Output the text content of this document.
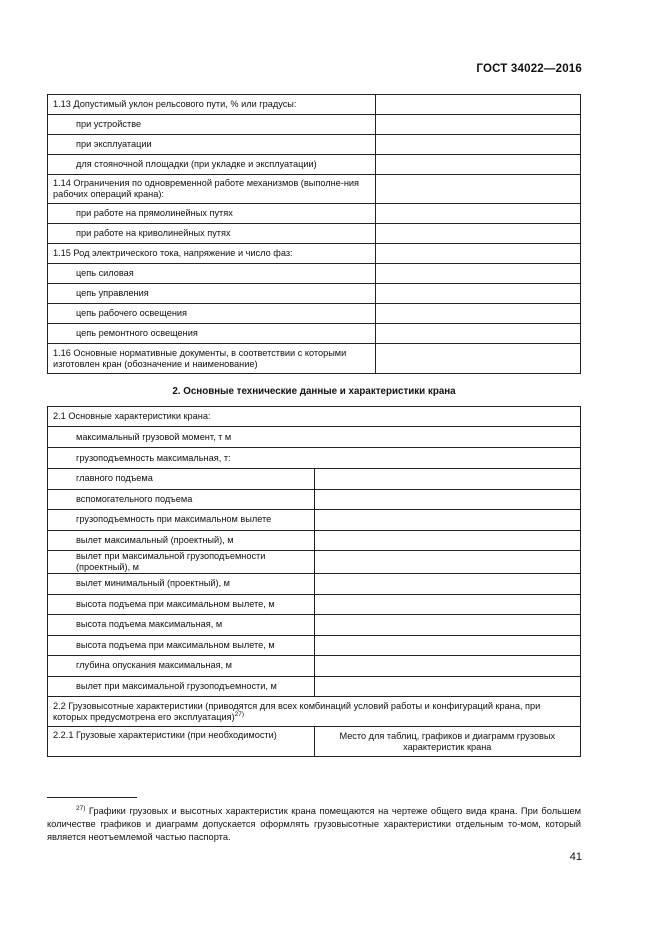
ГОСТ 34022—2016
1.13 Допустимый уклон рельсового пути, % или градусы:	
при устройстве	
при эксплуатации	
для стояночной площадки (при укладке и эксплуатации)	
1.14 Ограничения по одновременной работе механизмов (выполне-ния рабочих операций крана):	
при работе на прямолинейных путях	
при работе на криволинейных путях	
1.15 Род электрического тока, напряжение и число фаз:	
цепь силовая	
цепь управления	
цепь рабочего освещения	
цепь ремонтного освещения	
1.16 Основные нормативные документы, в соответствии с которыми изготовлен кран (обозначение и наименование)	
2. Основные технические данные и характеристики крана
2.1 Основные характеристики крана:	
максимальный грузовой момент, т м	
грузоподъемность максимальная, т:	
главного подъема	
вспомогательного подъема	
грузоподъемность при максимальном вылете	
вылет максимальный (проектный), м	
вылет при максимальной грузоподъемности (проектный), м	
вылет минимальный (проектный), м	
высота подъема при максимальном вылете, м	
высота подъема максимальная, м	
высота подъема при максимальном вылете, м	
глубина опускания максимальная, м	
вылет при максимальной грузоподъемности, м	
2.2 Грузовысотные характеристики (приводятся для всех комбинаций условий работы и конфигураций крана, при которых предусмотрена его эксплуатация)$^{27)}$
2.2.1 Грузовые характеристики (при необходимости)	Место для таблиц, графиков и диаграмм грузовых характеристик крана
$^{27)}$ Графики грузовых и высотных характеристик крана помещаются на чертеже общего вида крана. При большем количестве графиков и диаграмм допускается оформлять грузовысотные характеристики отдельным то-мом, который является неотъемлемой частью паспорта.
41
